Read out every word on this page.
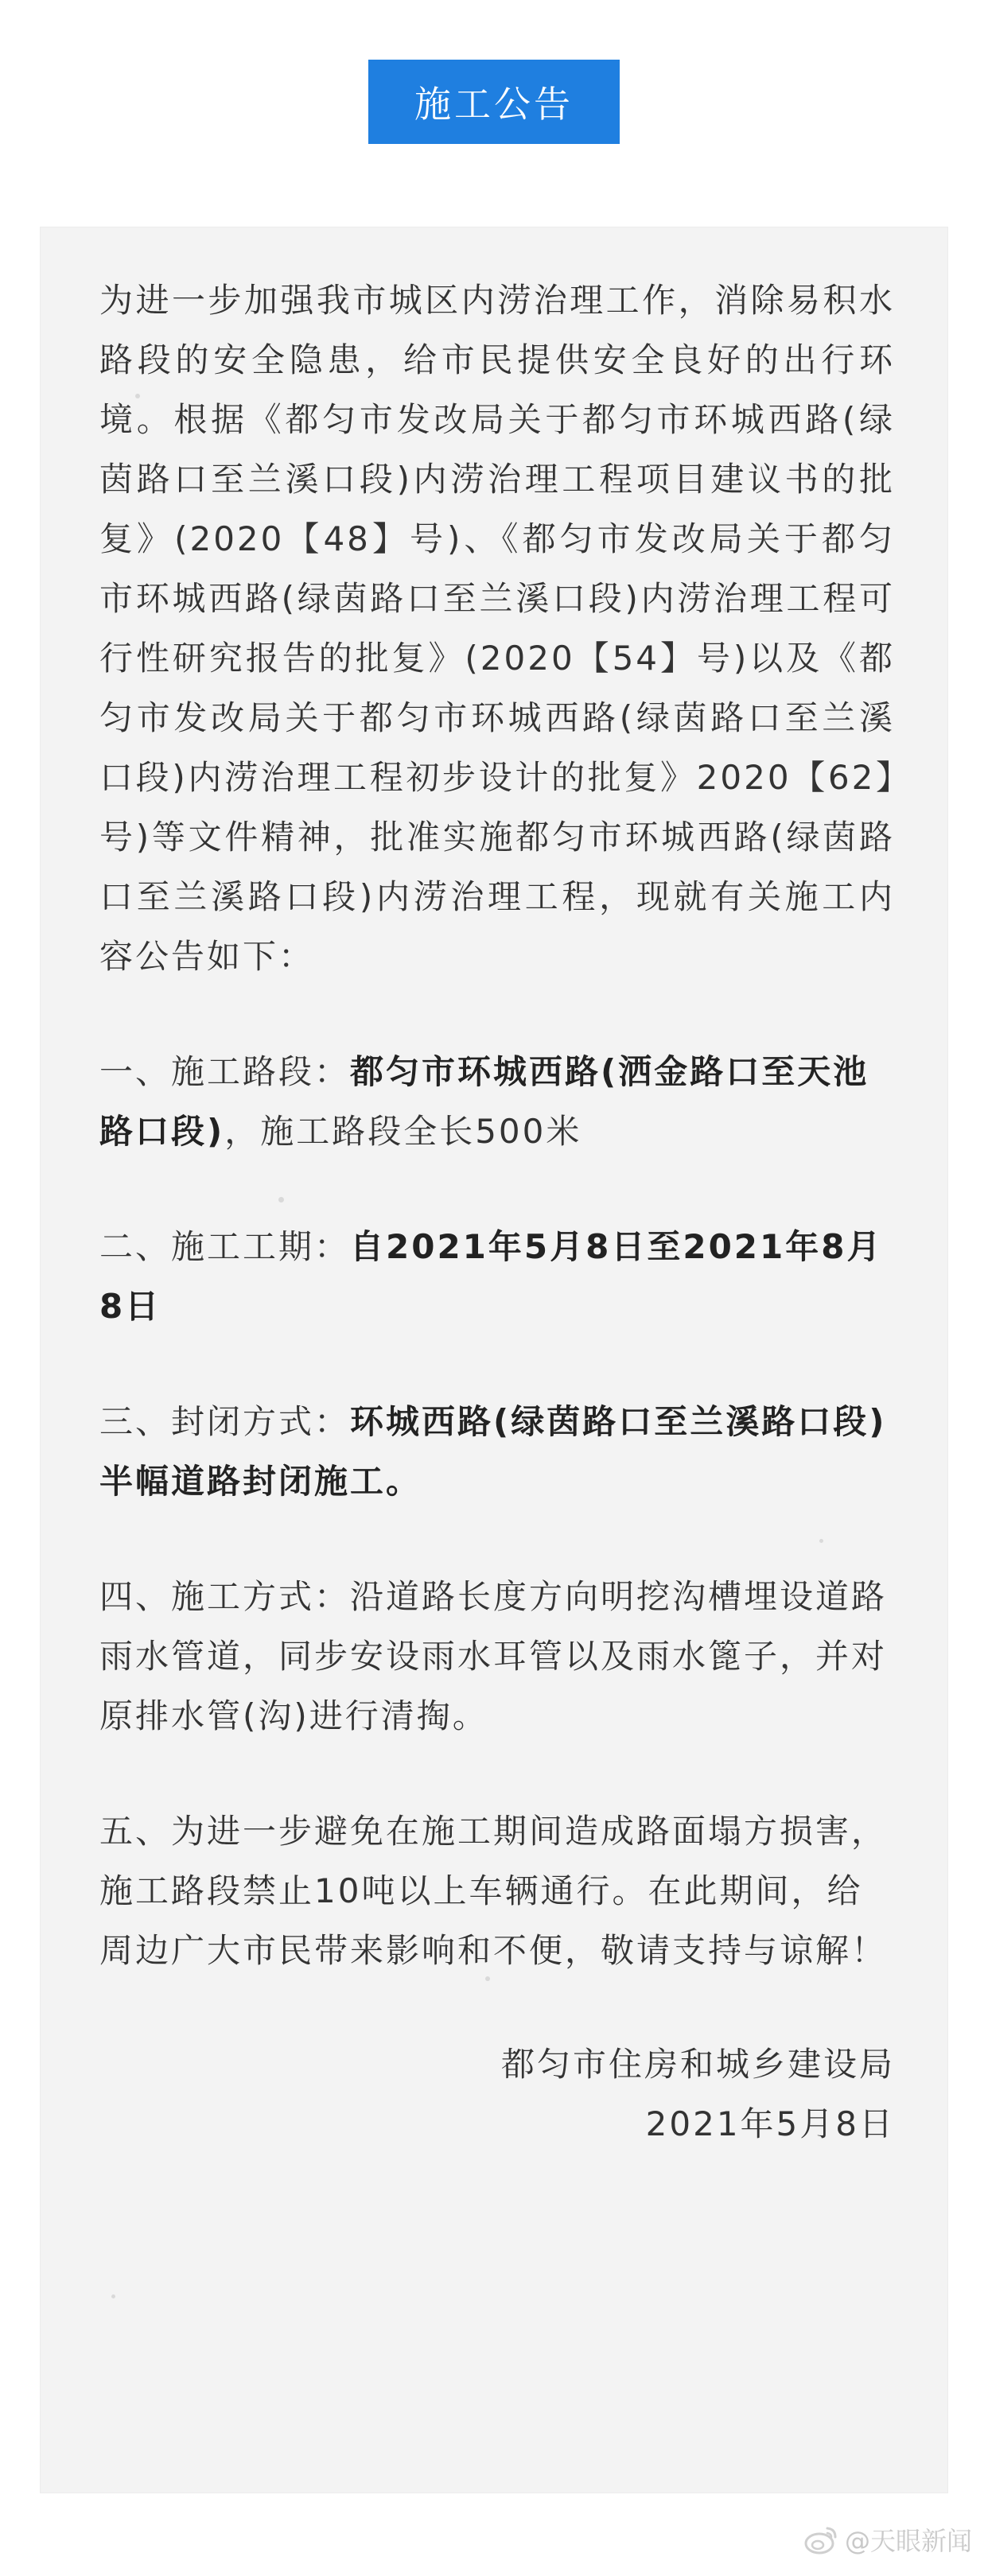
施工公告

为进一步加强我市城区内涝治理工作，消除易积水路段的安全隐患，给市民提供安全良好的出行环境。根据《都匀市发改局关于都匀市环城西路(绿茵路口至兰溪口段)内涝治理工程项目建议书的批复》(2020【48】号)、《都匀市发改局关于都匀市环城西路(绿茵路口至兰溪口段)内涝治理工程可行性研究报告的批复》(2020【54】号)以及《都匀市发改局关于都匀市环城西路(绿茵路口至兰溪口段)内涝治理工程初步设计的批复》2020【62】号)等文件精神，批准实施都匀市环城西路(绿茵路口至兰溪路口段)内涝治理工程，现就有关施工内容公告如下：

一、施工路段：都匀市环城西路(洒金路口至天池路口段)，施工路段全长500米

二、施工工期：自2021年5月8日至2021年8月8日

三、封闭方式：环城西路(绿茵路口至兰溪路口段)半幅道路封闭施工。

四、施工方式：沿道路长度方向明挖沟槽埋设道路雨水管道，同步安设雨水耳管以及雨水篦子，并对原排水管(沟)进行清掏。

五、为进一步避免在施工期间造成路面塌方损害，施工路段禁止10吨以上车辆通行。在此期间，给周边广大市民带来影响和不便，敬请支持与谅解！

都匀市住房和城乡建设局
2021年5月8日

@天眼新闻
